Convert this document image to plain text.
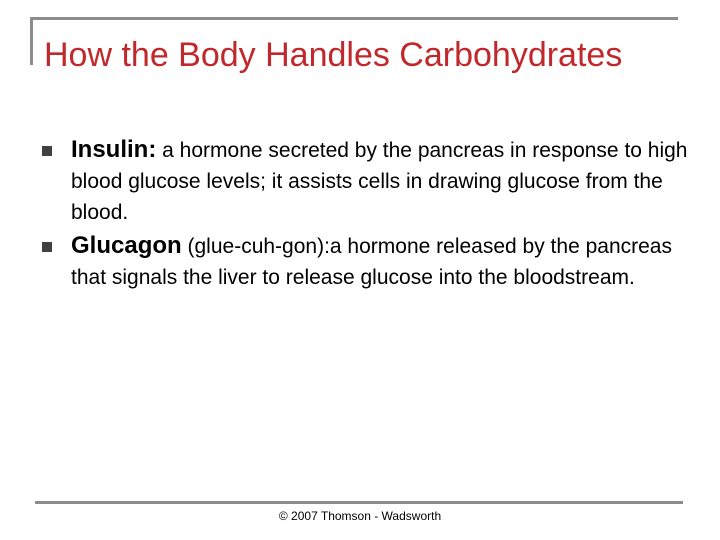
How the Body Handles Carbohydrates
Insulin: a hormone secreted by the pancreas in response to high blood glucose levels; it assists cells in drawing glucose from the blood.
Glucagon (glue-cuh-gon):a hormone released by the pancreas that signals the liver to release glucose into the bloodstream.
© 2007 Thomson - Wadsworth
